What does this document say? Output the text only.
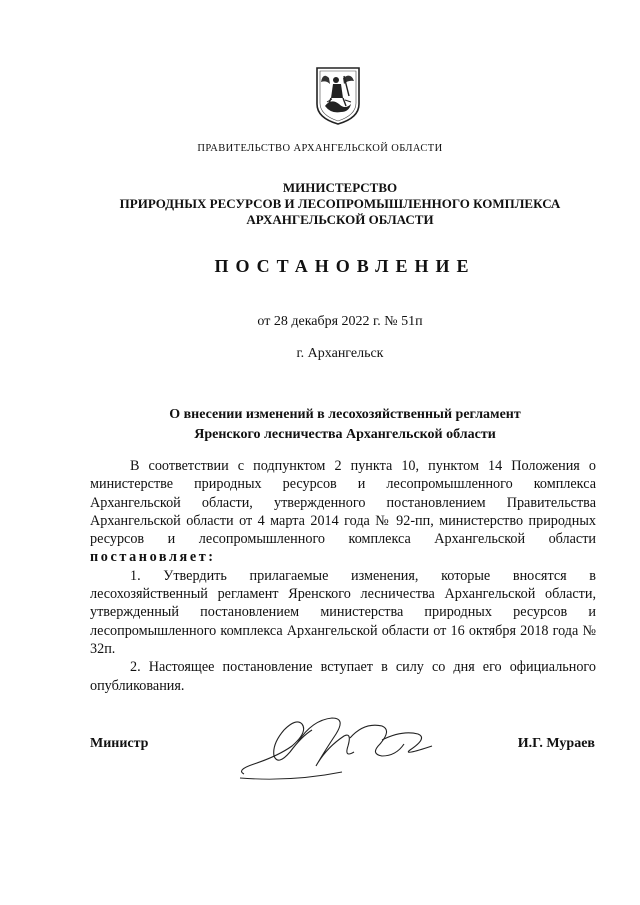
ПРАВИТЕЛЬСТВО АРХАНГЕЛЬСКОЙ ОБЛАСТИ
МИНИСТЕРСТВО
ПРИРОДНЫХ РЕСУРСОВ И ЛЕСОПРОМЫШЛЕННОГО КОМПЛЕКСА
АРХАНГЕЛЬСКОЙ ОБЛАСТИ
ПОСТАНОВЛЕНИЕ
от 28 декабря 2022 г. № 51п
г. Архангельск
О внесении изменений в лесохозяйственный регламент
Яренского лесничества Архангельской области

В соответствии с подпунктом 2 пункта 10, пунктом 14 Положения о министерстве природных ресурсов и лесопромышленного комплекса Архангельской области, утвержденного постановлением Правительства Архангельской области от 4 марта 2014 года № 92-пп, министерство природных ресурсов и лесопромышленного комплекса Архангельской области постановляет:

1. Утвердить прилагаемые изменения, которые вносятся в лесохозяйственный регламент Яренского лесничества Архангельской области, утвержденный постановлением министерства природных ресурсов и лесопромышленного комплекса Архангельской области от 16 октября 2018 года № 32п.

2. Настоящее постановление вступает в силу со дня его официального опубликования.

Министр	И.Г. Мураев
